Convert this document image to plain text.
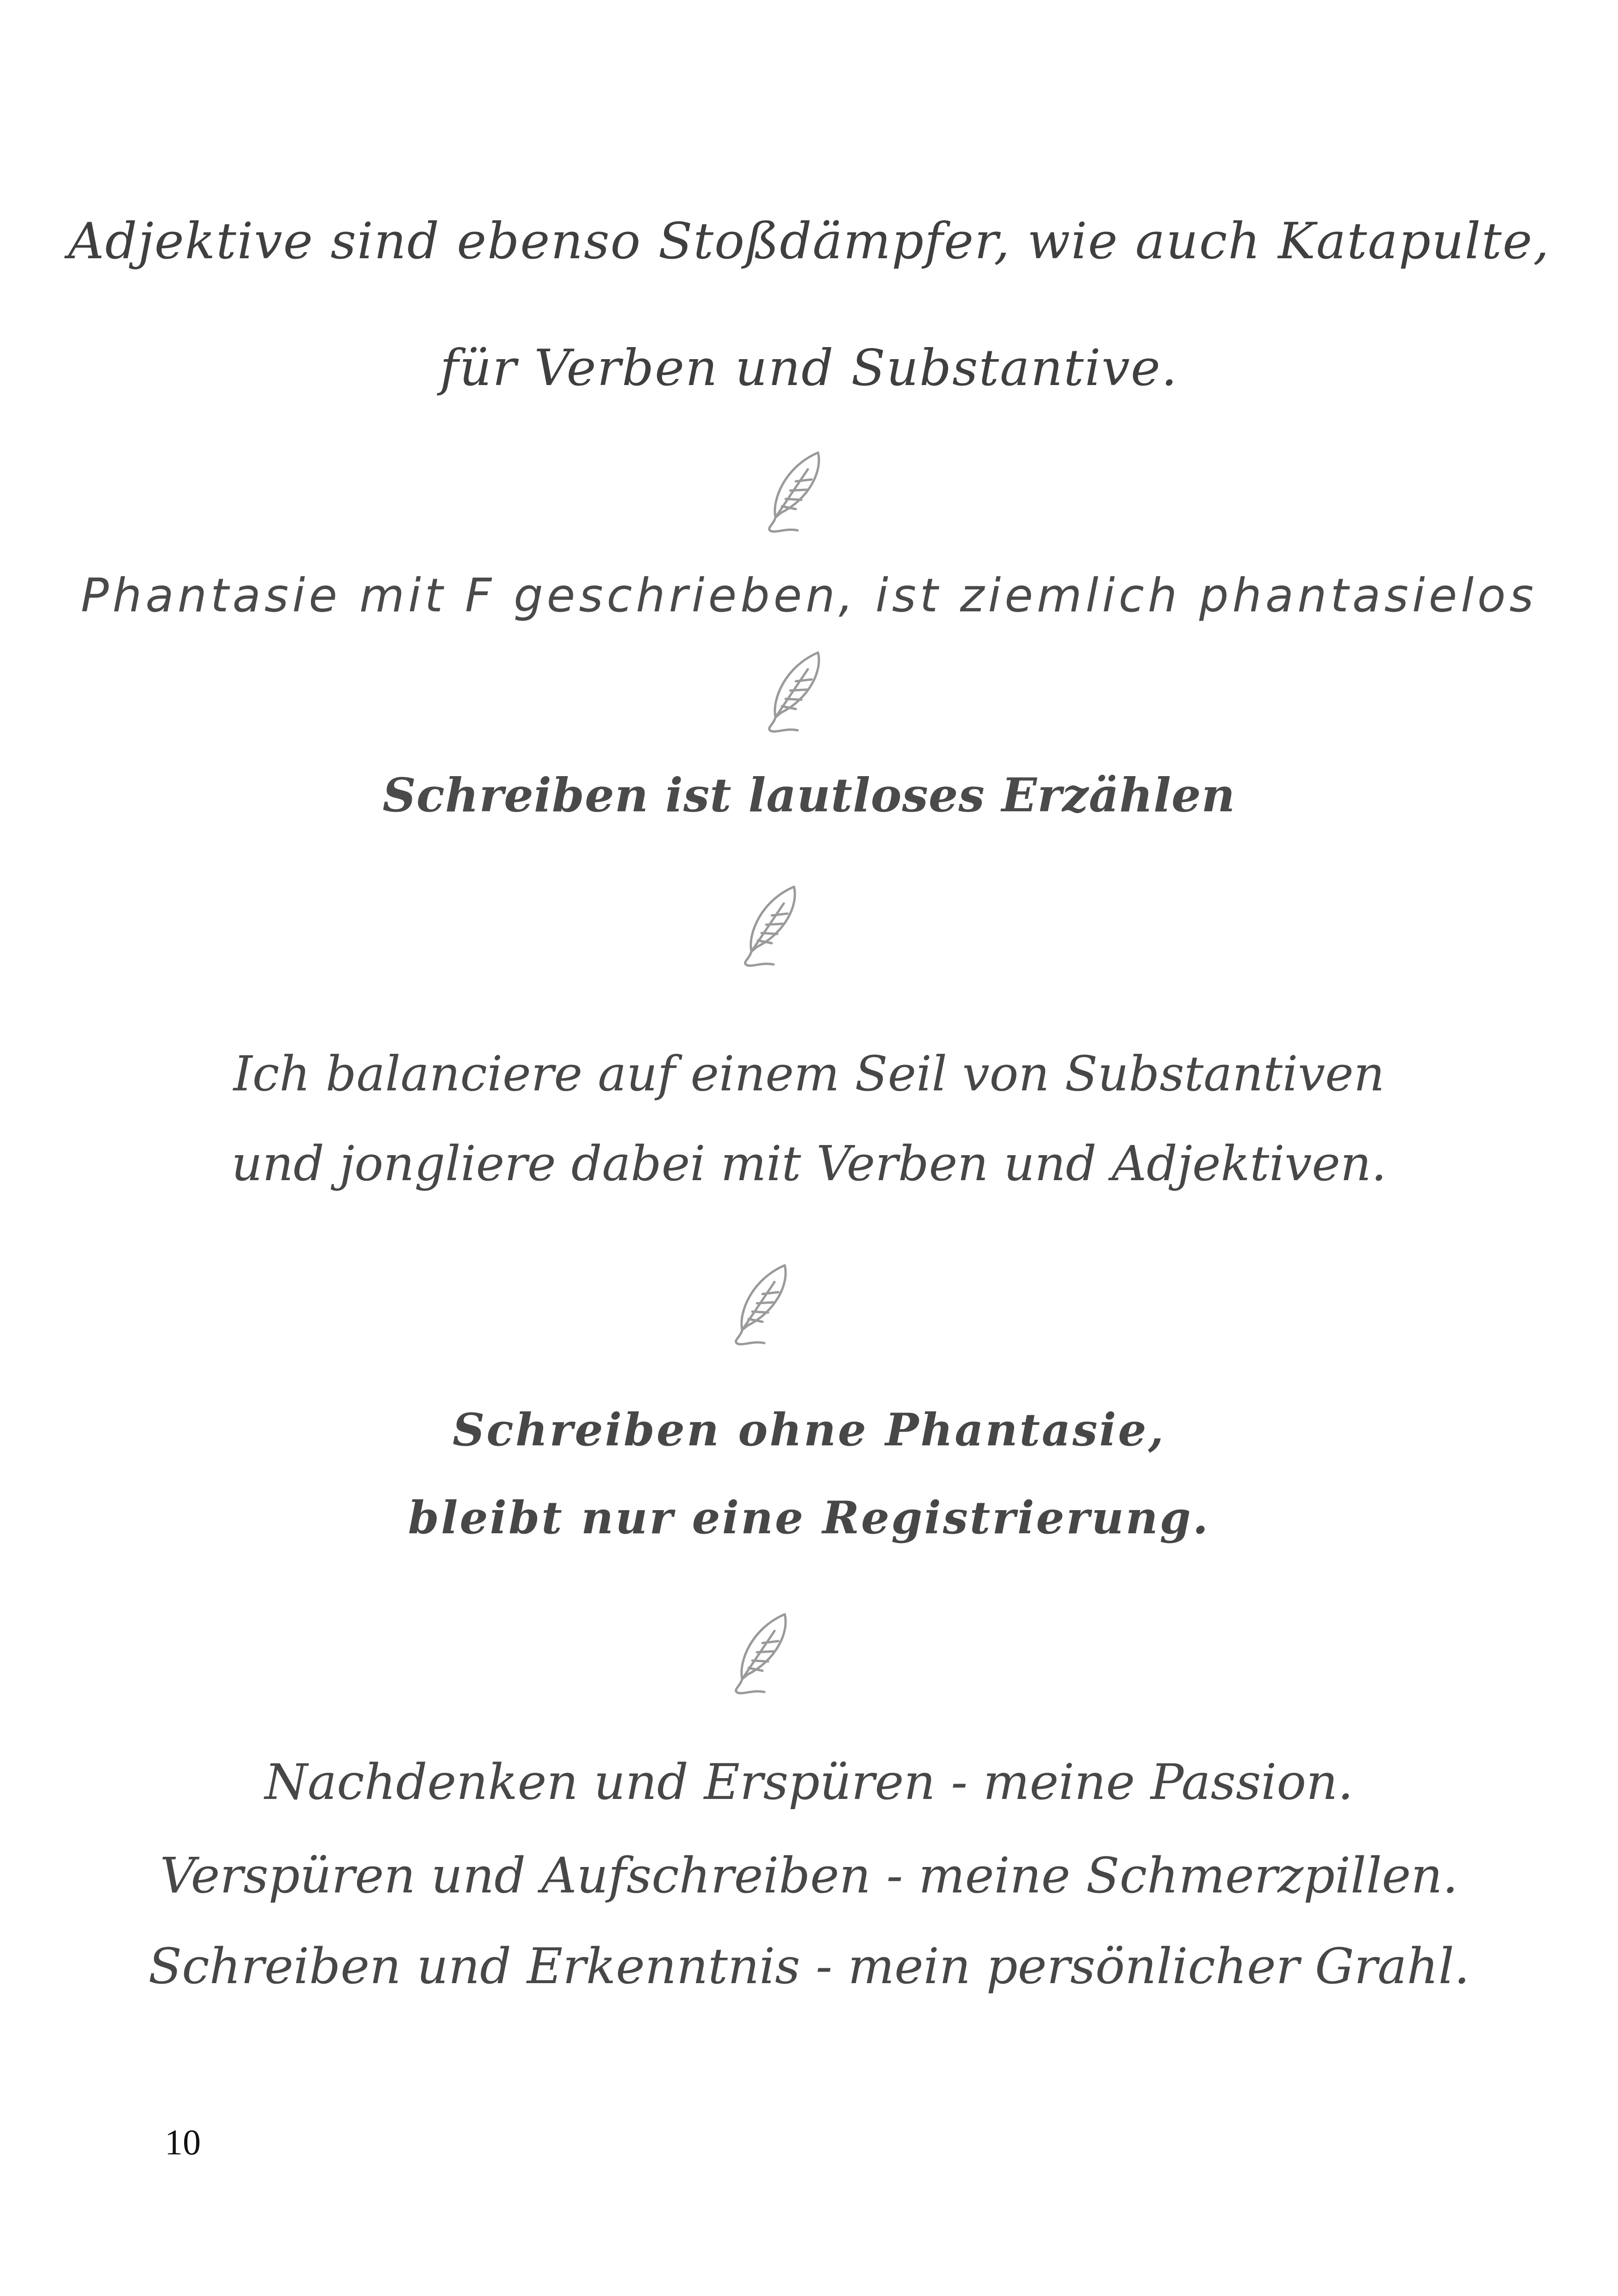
Adjektive sind ebenso Stoßdämpfer, wie auch Katapulte,
für Verben und Substantive.
Phantasie mit F geschrieben, ist ziemlich phantasielos
Schreiben ist lautloses Erzählen
Ich balanciere auf einem Seil von Substantiven
und jongliere dabei mit Verben und Adjektiven.
Schreiben ohne Phantasie,
bleibt nur eine Registrierung.
Nachdenken und Erspüren - meine Passion.
Verspüren und Aufschreiben - meine Schmerzpillen.
Schreiben und Erkenntnis - mein persönlicher Grahl.
10
